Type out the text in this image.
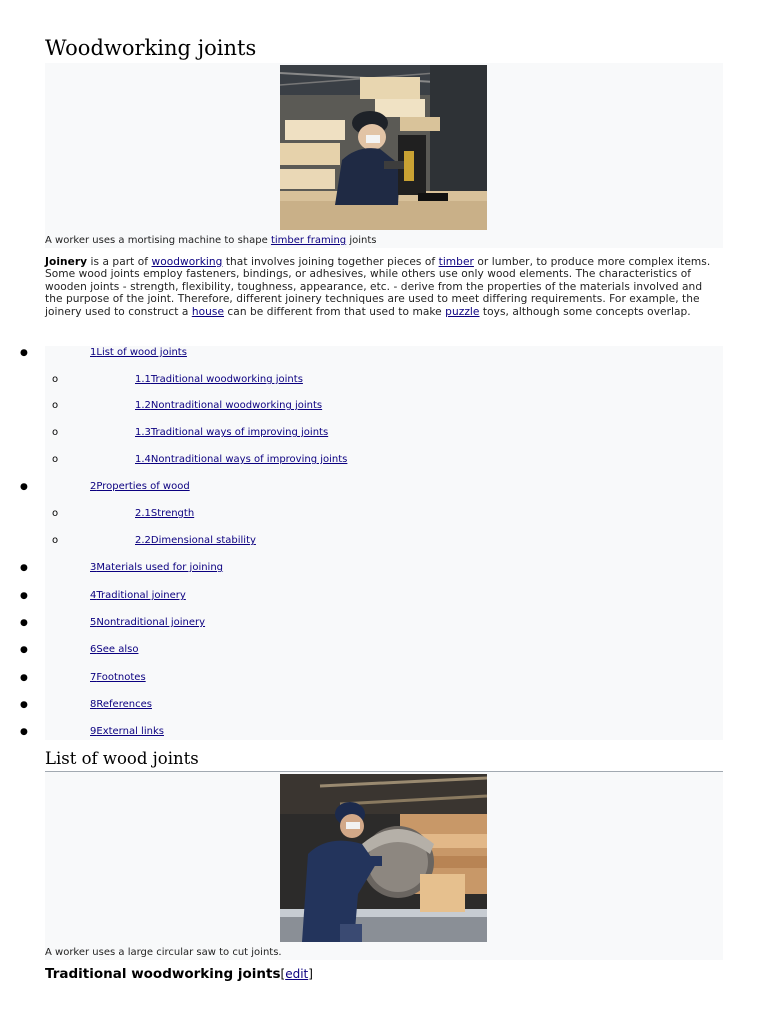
Woodworking joints
A worker uses a mortising machine to shape timber framing joints
Joinery is a part of woodworking that involves joining together pieces of timber or lumber, to produce more complex items. Some wood joints employ fasteners, bindings, or adhesives, while others use only wood elements. The characteristics of wooden joints - strength, flexibility, toughness, appearance, etc. - derive from the properties of the materials involved and the purpose of the joint. Therefore, different joinery techniques are used to meet differing requirements. For example, the joinery used to construct a house can be different from that used to make puzzle toys, although some concepts overlap.
●	1List of wood joints
o	1.1Traditional woodworking joints
o	1.2Nontraditional woodworking joints
o	1.3Traditional ways of improving joints
o	1.4Nontraditional ways of improving joints
●	2Properties of wood
o	2.1Strength
o	2.2Dimensional stability
●	3Materials used for joining
●	4Traditional joinery
●	5Nontraditional joinery
●	6See also
●	7Footnotes
●	8References
●	9External links
List of wood joints
A worker uses a large circular saw to cut joints.
Traditional woodworking joints[edit]
